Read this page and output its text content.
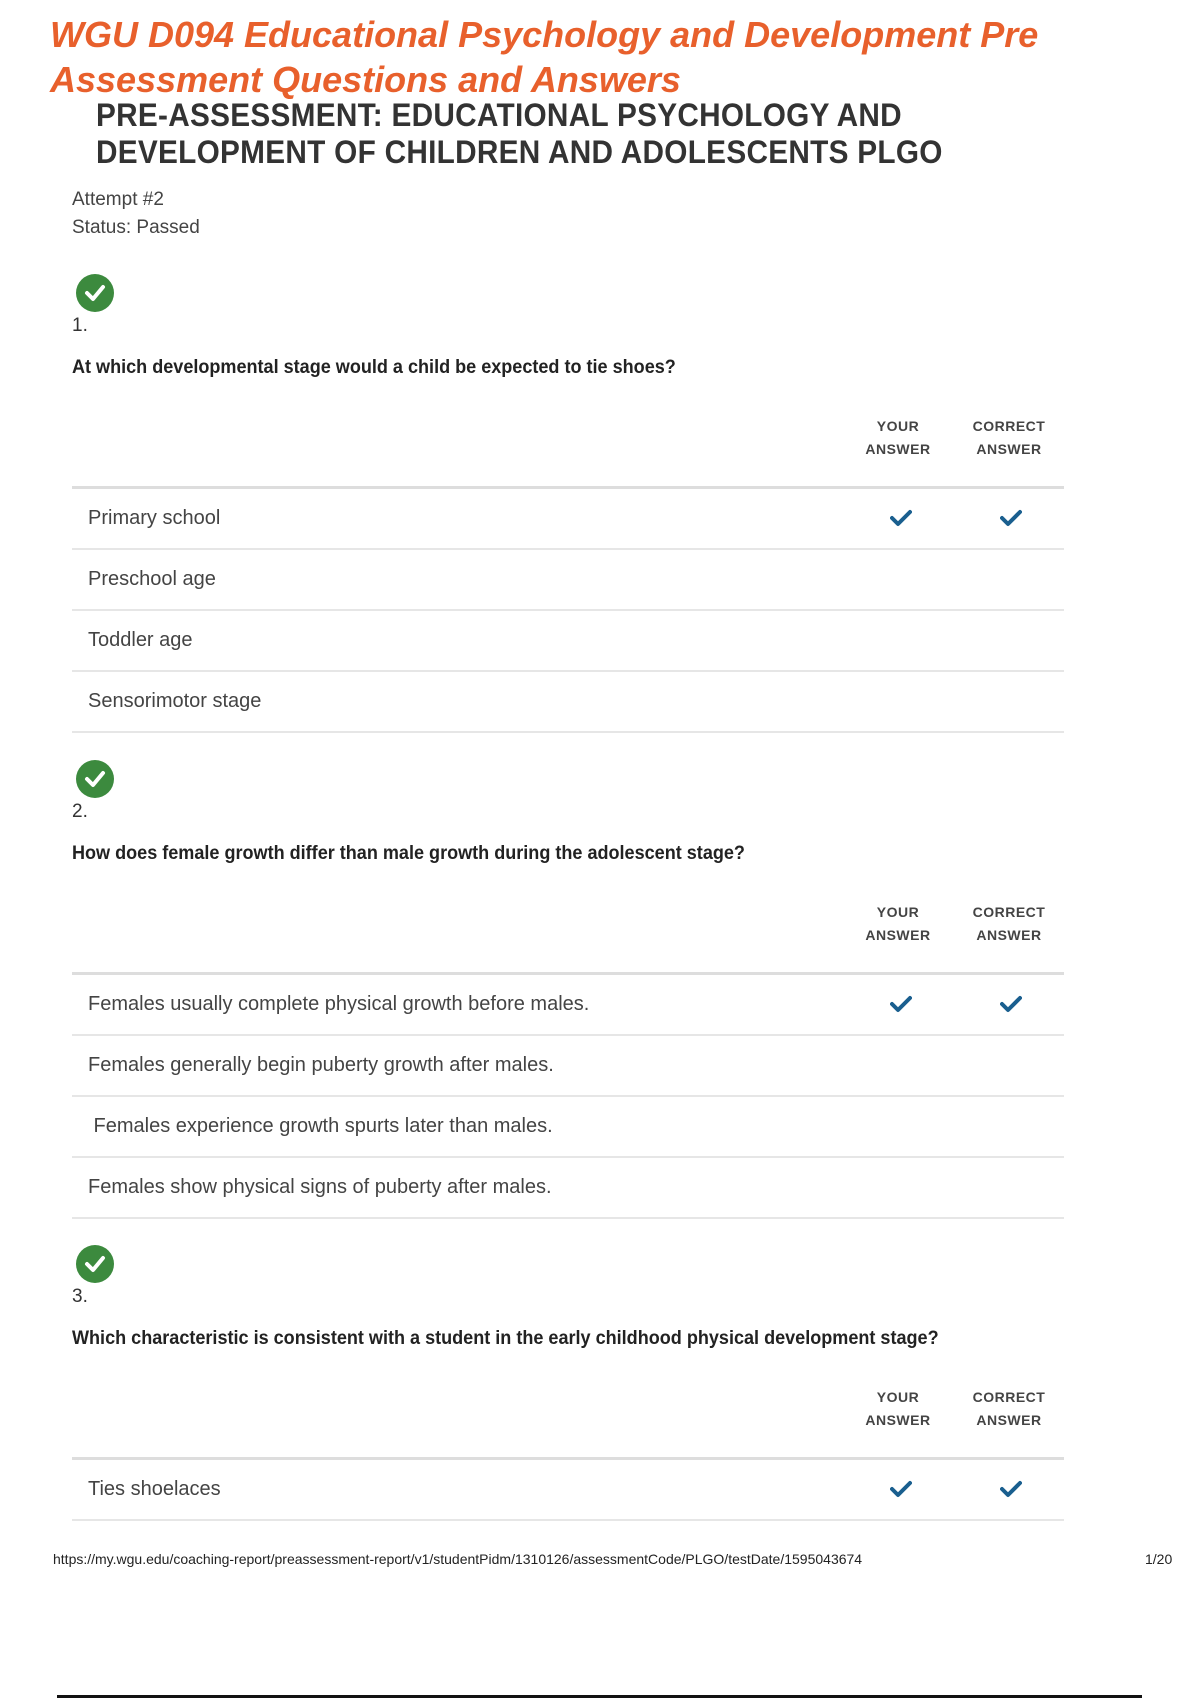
WGU D094 Educational Psychology and Development Pre Assessment Questions and Answers
PRE-ASSESSMENT: EDUCATIONAL PSYCHOLOGY AND DEVELOPMENT OF CHILDREN AND ADOLESCENTS PLGO
Attempt #2
Status: Passed
1.
At which developmental stage would a child be expected to tie shoes?
YOUR
ANSWER
CORRECT
ANSWER
Primary school
Preschool age
Toddler age
Sensorimotor stage
2.
How does female growth differ than male growth during the adolescent stage?
YOUR
ANSWER
CORRECT
ANSWER
Females usually complete physical growth before males.
Females generally begin puberty growth after males.
Females experience growth spurts later than males.
Females show physical signs of puberty after males.
3.
Which characteristic is consistent with a student in the early childhood physical development stage?
YOUR
ANSWER
CORRECT
ANSWER
Ties shoelaces
https://my.wgu.edu/coaching-report/preassessment-report/v1/studentPidm/1310126/assessmentCode/PLGO/testDate/1595043674	1/20
